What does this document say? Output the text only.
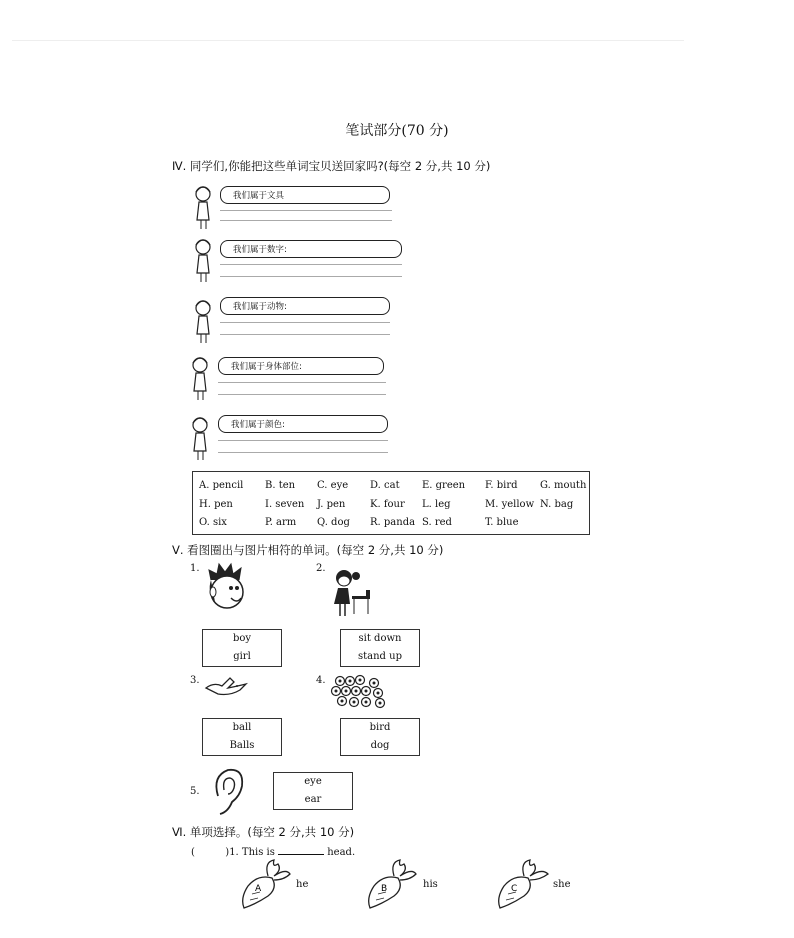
笔试部分(70 分)
Ⅳ. 同学们,你能把这些单词宝贝送回家吗?(每空 2 分,共 10 分)
我们属于文具
我们属于数字:
我们属于动物:
我们属于身体部位:
我们属于颜色:
A. pencil B. ten C. eye D. cat E. green F. bird G. mouth
H. pen	I. seven J. pen K. four L. leg	M. yellow N. bag
O. six	P. arm Q. dog R. panda S. red	T. blue
Ⅴ. 看图圈出与图片相符的单词。(每空 2 分,共 10 分)
1.
boy
girl
2.
sit down
stand up
3.
ball
Balls
4.
bird
dog
5.
eye
ear
Ⅵ. 单项选择。(每空 2 分,共 10 分)
(	)1. This is	head.
A	he	B	his	C	she
